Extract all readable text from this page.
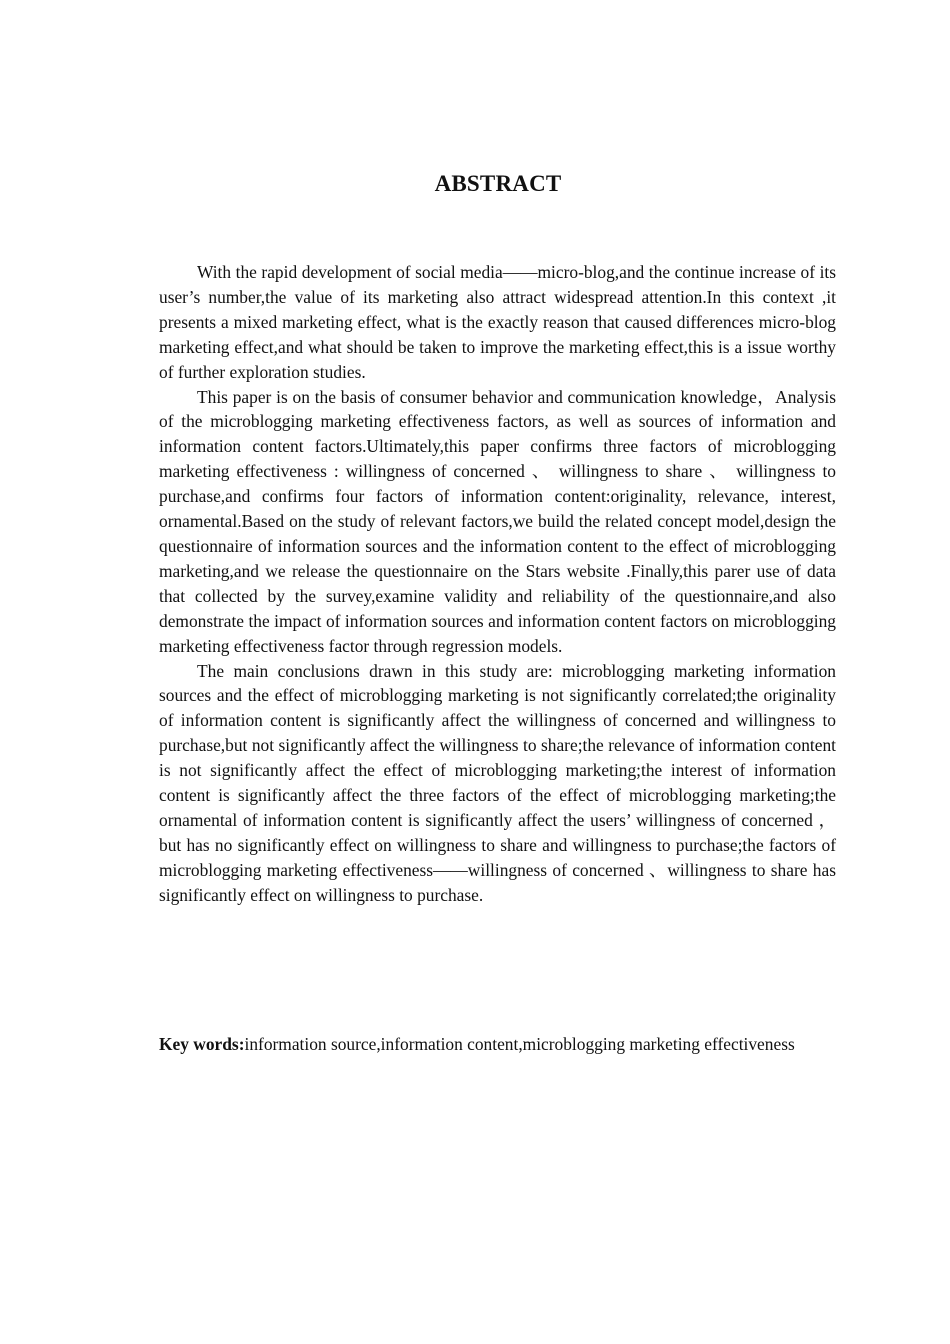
ABSTRACT

With the rapid development of social media——micro-blog,and the continue increase of its user’s number,the value of its marketing also attract widespread attention.In this context ,it presents a mixed marketing effect, what is the exactly reason that caused differences micro-blog marketing effect,and what should be taken to improve the marketing effect,this is a issue worthy of further exploration studies.

This paper is on the basis of consumer behavior and communication knowledge，Analysis of the microblogging marketing effectiveness factors, as well as sources of information and information content factors.Ultimately,this paper confirms three factors of microblogging marketing effectiveness : willingness of concerned 、 willingness to share 、 willingness to purchase,and confirms four factors of information content:originality, relevance, interest, ornamental.Based on the study of relevant factors,we build the related concept model,design the questionnaire of information sources and the information content to the effect of microblogging marketing,and we release the questionnaire on the Stars website .Finally,this parer use of data that collected by the survey,examine validity and reliability of the questionnaire,and also demonstrate the impact of information sources and information content factors on microblogging marketing effectiveness factor through regression models.

The main conclusions drawn in this study are: microblogging marketing information sources and the effect of microblogging marketing is not significantly correlated;the originality of information content is significantly affect the willingness of concerned and willingness to purchase,but not significantly affect the willingness to share;the relevance of information content is not significantly affect the effect of microblogging marketing;the interest of information content is significantly affect the three factors of the effect of microblogging marketing;the ornamental of information content is significantly affect the users’ willingness of concerned ， but has no significantly effect on willingness to share and willingness to purchase;the factors of microblogging marketing effectiveness——willingness of concerned 、willingness to share has significantly effect on willingness to purchase.

Key words:information source,information content,microblogging marketing effectiveness
